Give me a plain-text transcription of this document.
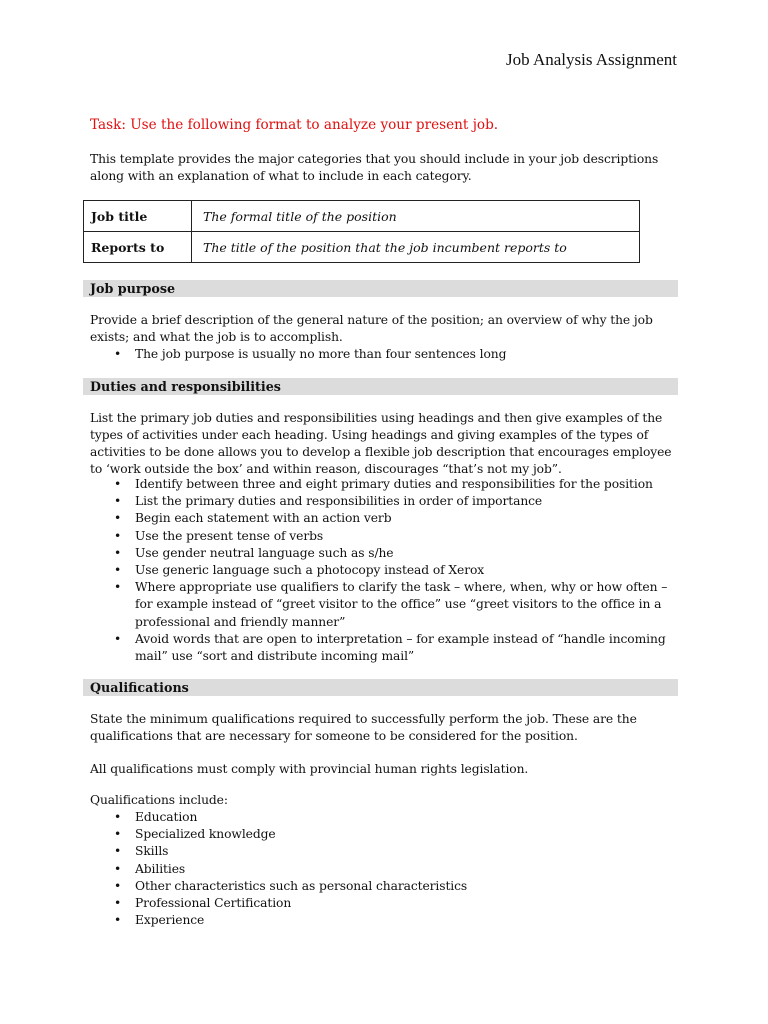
Job Analysis Assignment
Task: Use the following format to analyze your present job.

This template provides the major categories that you should include in your job descriptions along with an explanation of what to include in each category.

Job title	The formal title of the position
Reports to	The title of the position that the job incumbent reports to
Job purpose

Provide a brief description of the general nature of the position; an overview of why the job exists; and what the job is to accomplish.

• The job purpose is usually no more than four sentences long
Duties and responsibilities

List the primary job duties and responsibilities using headings and then give examples of the types of activities under each heading. Using headings and giving examples of the types of activities to be done allows you to develop a flexible job description that encourages employee to ‘work outside the box’ and within reason, discourages “that’s not my job”.

• Identify between three and eight primary duties and responsibilities for the position
• List the primary duties and responsibilities in order of importance
• Begin each statement with an action verb
• Use the present tense of verbs
• Use gender neutral language such as s/he
• Use generic language such a photocopy instead of Xerox
• Where appropriate use qualifiers to clarify the task – where, when, why or how often – for example instead of “greet visitor to the office” use “greet visitors to the office in a professional and friendly manner”
• Avoid words that are open to interpretation – for example instead of “handle incoming mail” use “sort and distribute incoming mail”
Qualifications

State the minimum qualifications required to successfully perform the job. These are the qualifications that are necessary for someone to be considered for the position.

All qualifications must comply with provincial human rights legislation.

Qualifications include:

• Education
• Specialized knowledge
• Skills
• Abilities
• Other characteristics such as personal characteristics
• Professional Certification
• Experience
